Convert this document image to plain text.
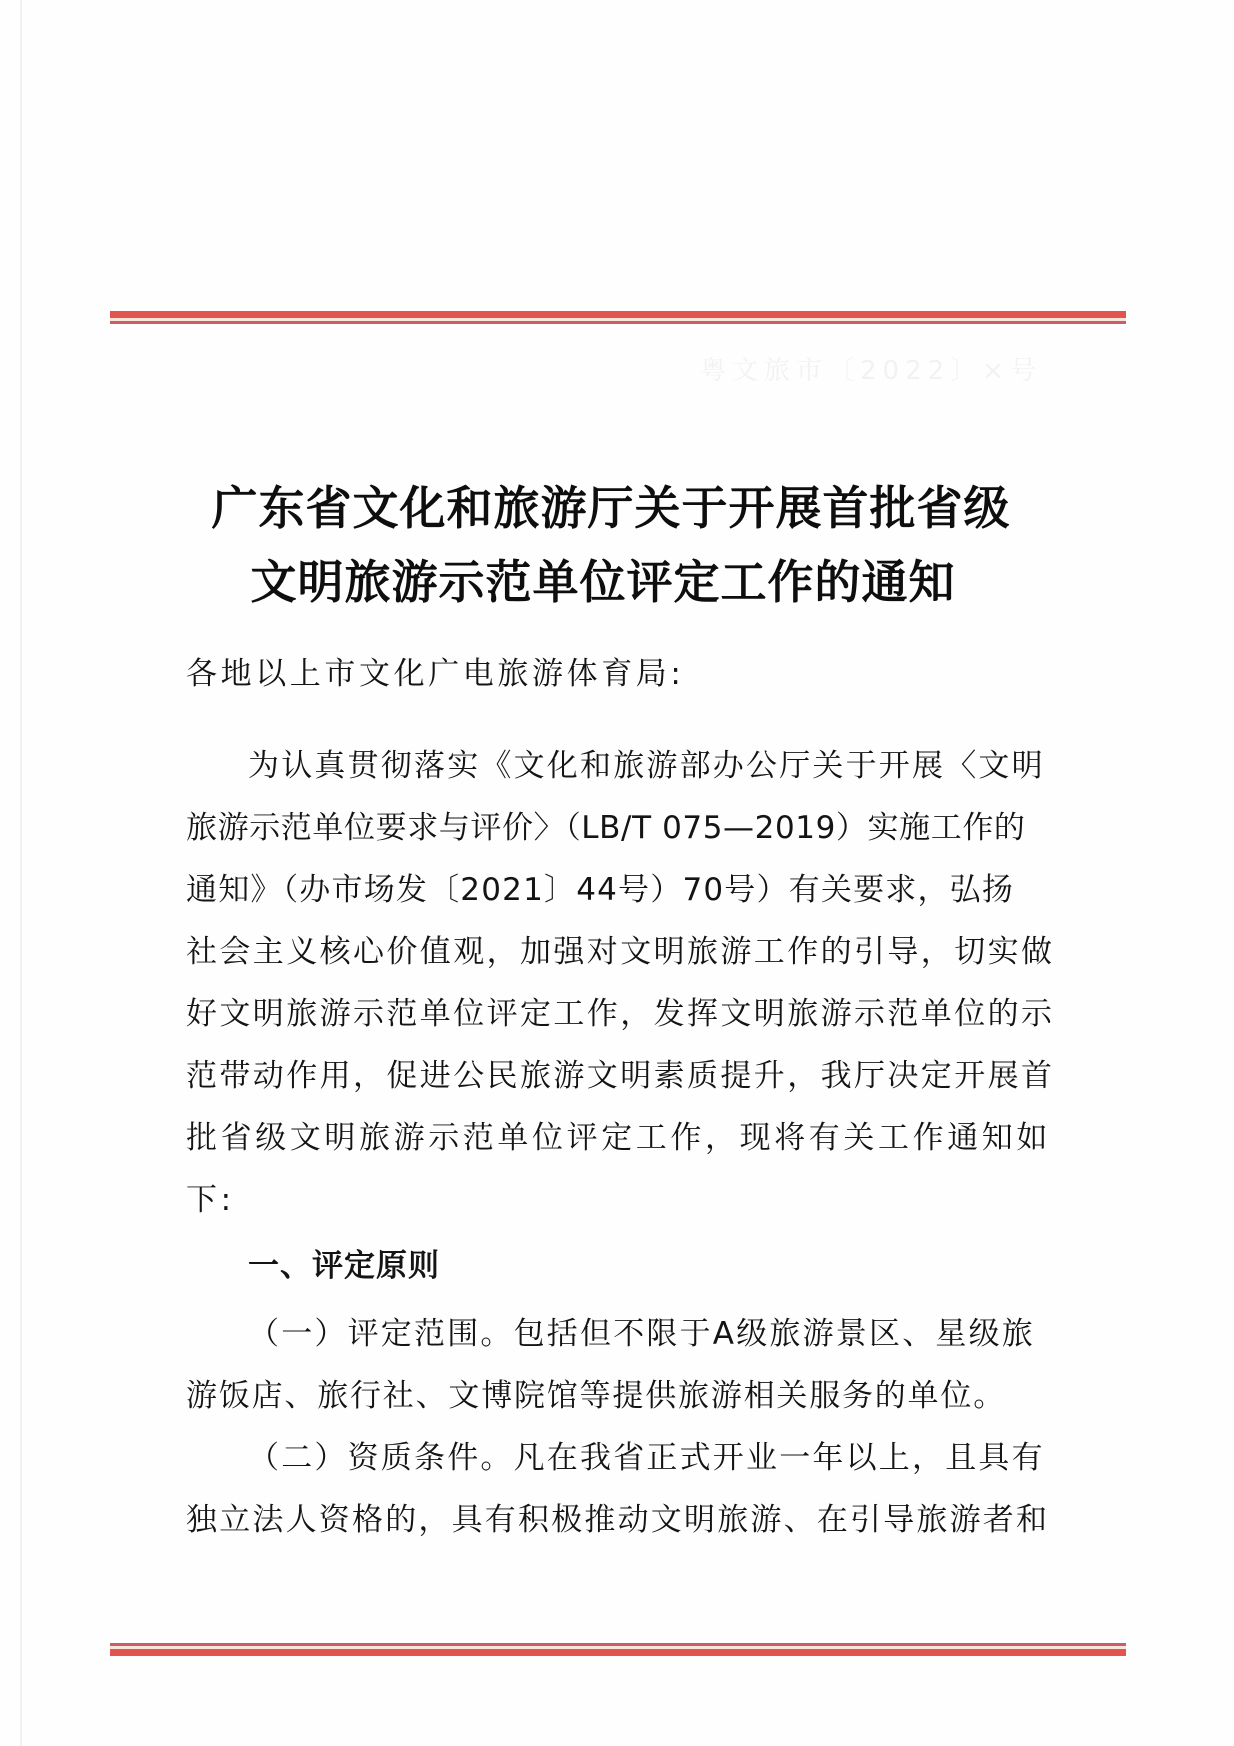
粤文旅市〔2022〕×号
广东省文化和旅游厅关于开展首批省级
文明旅游示范单位评定工作的通知
各地以上市文化广电旅游体育局:
为认真贯彻落实《文化和旅游部办公厅关于开展〈文明
旅游示范单位要求与评价〉（LB/T 075—2019）实施工作的
通知》（办市场发〔2021〕44号）70号）有关要求，弘扬
社会主义核心价值观，加强对文明旅游工作的引导，切实做
好文明旅游示范单位评定工作，发挥文明旅游示范单位的示
范带动作用，促进公民旅游文明素质提升，我厅决定开展首
批省级文明旅游示范单位评定工作，现将有关工作通知如
下:
一、评定原则
（一）评定范围。包括但不限于A级旅游景区、星级旅
游饭店、旅行社、文博院馆等提供旅游相关服务的单位。
（二）资质条件。凡在我省正式开业一年以上，且具有
独立法人资格的，具有积极推动文明旅游、在引导旅游者和
